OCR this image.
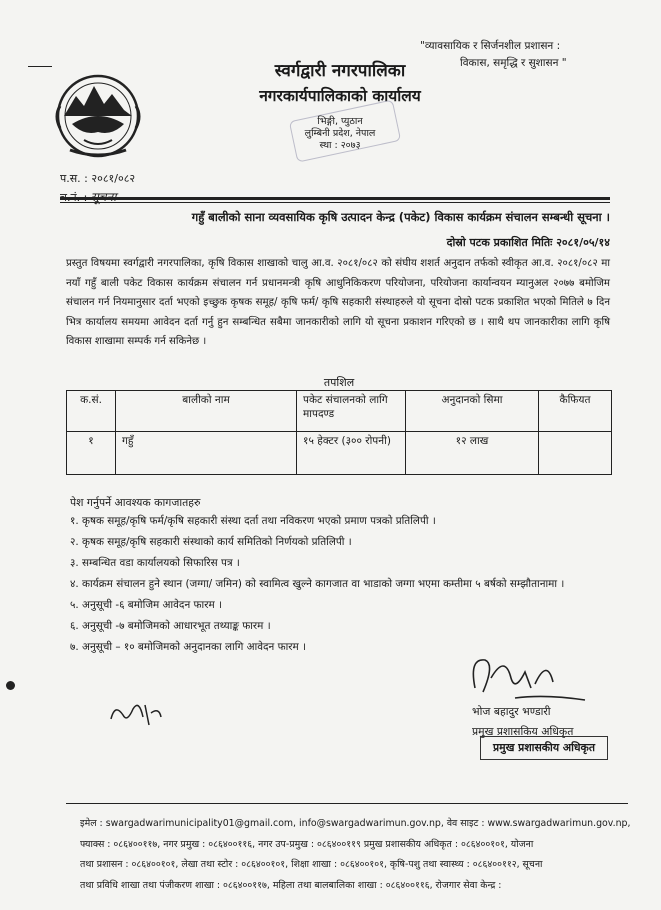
"व्यावसायिक र सिर्जनशील प्रशासन :
विकास, समृद्धि र सुशासन "
स्वर्गद्वारी नगरपालिका
नगरकार्यपालिकाको कार्यालय
भिङ्गी, प्युठान
लुम्बिनी प्रदेश, नेपाल
स्था : २०७३
प.स. : २०८१/०८२
गहुँ बालीको साना व्यवसायिक कृषि उत्पादन केन्द्र (पकेट) विकास कार्यक्रम संचालन सम्बन्धी सूचना ।
दोस्रो पटक प्रकाशित मितिः २०८१/०५/१४
प्रस्तुत विषयमा स्वर्गद्वारी नगरपालिका, कृषि विकास शाखाको चालु आ.व. २०८१/०८२ को संघीय शशर्त अनुदान तर्फको स्वीकृत आ.व. २०८१/०८२ मा नयाँ गहुँ बाली पकेट विकास कार्यक्रम संचालन गर्न प्रधानमन्त्री कृषि आधुनिकिकरण परियोजना, परियोजना कार्यान्वयन म्यानुअल २०७७ बमोजिम संचालन गर्न नियमानुसार दर्ता भएको इच्छुक कृषक समूह/ कृषि फर्म/ कृषि सहकारी संस्थाहरुले यो सूचना दोस्रो पटक प्रकाशित भएको मितिले ७ दिन भित्र कार्यालय समयमा आवेदन दर्ता गर्नु हुन सम्बन्धित सबैमा जानकारीको लागि यो सूचना प्रकाशन गरिएको छ । साथै थप जानकारीका लागि कृषि विकास शाखामा सम्पर्क गर्न सकिनेछ ।
तपशिल
क.सं.	बालीको नाम	पकेट संचालनको लागि मापदण्ड	अनुदानको सिमा	कैफियत
१	गहुँ	१५ हेक्टर (३०० रोपनी)	१२ लाख	
पेश गर्नुपर्ने आवश्यक कागजातहरु

१. कृषक समूह/कृषि फर्म/कृषि सहकारी संस्था दर्ता तथा नविकरण भएको प्रमाण पत्रको प्रतिलिपी ।

२. कृषक समूह/कृषि सहकारी संस्थाको कार्य समितिको निर्णयको प्रतिलिपी ।

३. सम्बन्धित वडा कार्यालयको सिफारिस पत्र ।

४. कार्यक्रम संचालन हुने स्थान (जग्गा/ जमिन) को स्वामित्व खुल्ने कागजात वा भाडाको जग्गा भएमा कम्तीमा ५ बर्षको सम्झौतानामा ।

५. अनुसूची -६ बमोजिम आवेदन फारम ।

६. अनुसूची -७ बमोजिमको आधारभूत तथ्याङ्क फारम ।

७. अनुसूची – १० बमोजिमको अनुदानका लागि आवेदन फारम ।

भोज बहादुर भण्डारी
प्रमुख प्रशासकिय अधिकृत
प्रमुख प्रशासकीय अधिकृत
इमेल : swargadwarimunicipality01@gmail.com, info@swargadwarimun.gov.np, वेव साइट : www.swargadwarimun.gov.np,
फ्याक्स : ०८६४००११७, नगर प्रमुख : ०८६४००११६, नगर उप-प्रमुख : ०८६४००११९ प्रमुख प्रशासकीय अधिकृत : ०८६४००१०१, योजना
तथा प्रशासन : ०८६४००१०१, लेखा तथा स्टोर : ०८६४००१०१, शिक्षा शाखा : ०८६४००१०१, कृषि-पशु तथा स्वास्थ्य : ०८६४००११२, सूचना
तथा प्रविधि शाखा तथा पंजीकरण शाखा : ०८६४००११७, महिला तथा बालबालिका शाखा : ०८६४००११६, रोजगार सेवा केन्द्र :
